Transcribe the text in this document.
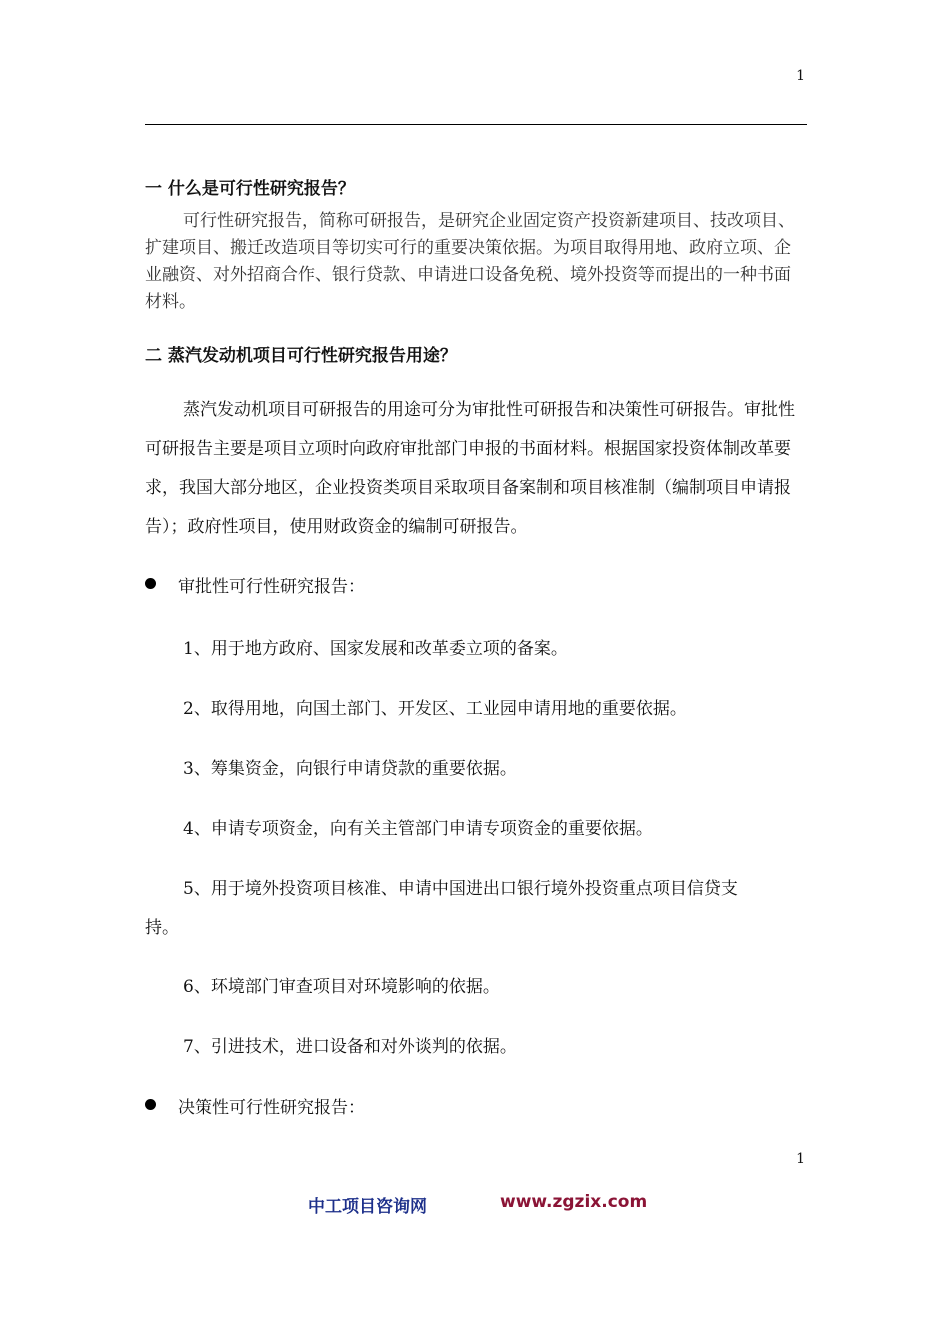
1
一 什么是可行性研究报告？
可行性研究报告，简称可研报告，是研究企业固定资产投资新建项目、技改项目、扩建项目、搬迁改造项目等切实可行的重要决策依据。为项目取得用地、政府立项、企业融资、对外招商合作、银行贷款、申请进口设备免税、境外投资等而提出的一种书面材料。
二 蒸汽发动机项目可行性研究报告用途？
蒸汽发动机项目可研报告的用途可分为审批性可研报告和决策性可研报告。审批性可研报告主要是项目立项时向政府审批部门申报的书面材料。根据国家投资体制改革要求，我国大部分地区，企业投资类项目采取项目备案制和项目核准制（编制项目申请报告）；政府性项目，使用财政资金的编制可研报告。
审批性可行性研究报告：
1、用于地方政府、国家发展和改革委立项的备案。
2、取得用地，向国土部门、开发区、工业园申请用地的重要依据。
3、筹集资金，向银行申请贷款的重要依据。
4、申请专项资金，向有关主管部门申请专项资金的重要依据。
5、用于境外投资项目核准、申请中国进出口银行境外投资重点项目信贷支
持。
6、环境部门审查项目对环境影响的依据。
7、引进技术，进口设备和对外谈判的依据。
决策性可行性研究报告：
1
中工项目咨询网	www.zgzix.com
